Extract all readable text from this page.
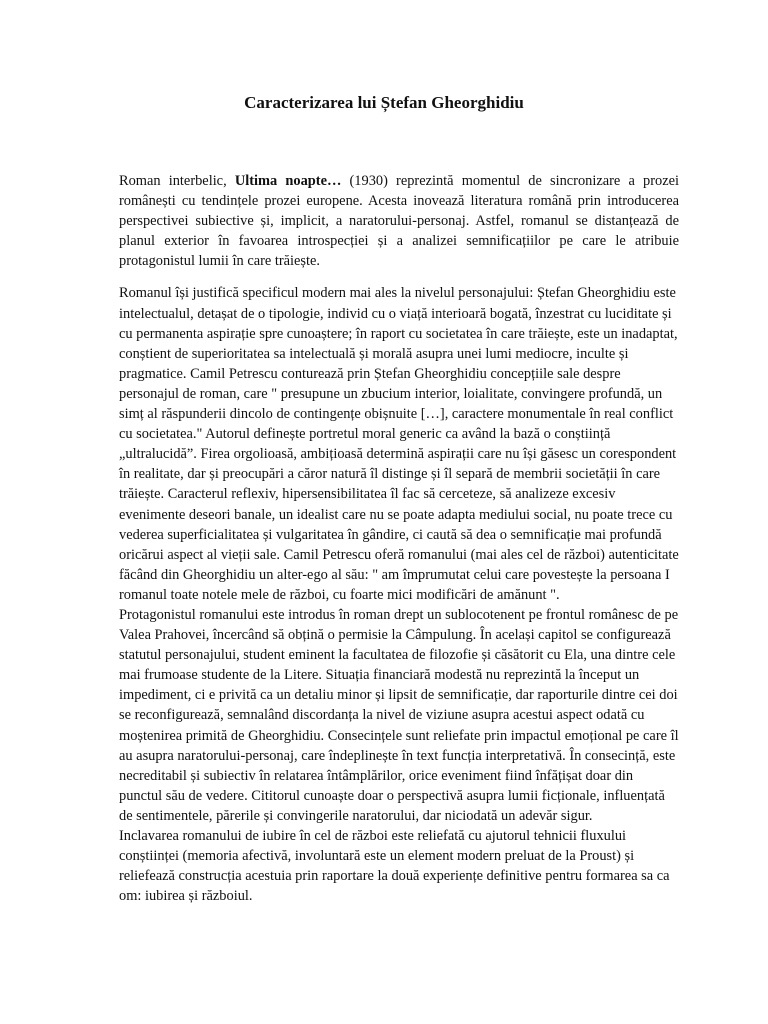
Caracterizarea lui Ștefan Gheorghidiu

Roman interbelic, Ultima noapte… (1930) reprezintă momentul de sincronizare a prozei românești cu tendințele prozei europene. Acesta inovează literatura română prin introducerea perspectivei subiective și, implicit, a naratorului-personaj. Astfel, romanul se distanțează de planul exterior în favoarea introspecției și a analizei semnificațiilor pe care le atribuie protagonistul lumii în care trăiește.

Romanul își justifică specificul modern mai ales la nivelul personajului: Ștefan Gheorghidiu este intelectualul, detașat de o tipologie, individ cu o viață interioară bogată, înzestrat cu luciditate și cu permanenta aspirație spre cunoaștere; în raport cu societatea în care trăiește, este un inadaptat, conștient de superioritatea sa intelectuală și morală asupra unei lumi mediocre, inculte și pragmatice. Camil Petrescu conturează prin Ștefan Gheorghidiu concepțiile sale despre personajul de roman, care " presupune un zbucium interior, loialitate, convingere profundă, un simț al răspunderii dincolo de contingențe obișnuite […], caractere monumentale în real conflict cu societatea." Autorul definește portretul moral generic ca având la bază o conștiință „ultralucidă”. Firea orgolioasă, ambițioasă determină aspirații care nu își găsesc un corespondent în realitate, dar și preocupări a căror natură îl distinge și îl separă de membrii societății în care trăiește. Caracterul reflexiv, hipersensibilitatea îl fac să cerceteze, să analizeze excesiv evenimente deseori banale, un idealist care nu se poate adapta mediului social, nu poate trece cu vederea superficialitatea și vulgaritatea în gândire, ci caută să dea o semnificație mai profundă oricărui aspect al vieții sale. Camil Petrescu oferă romanului (mai ales cel de război) autenticitate făcând din Gheorghidiu un alter-ego al său: " am împrumutat celui care povestește la persoana I romanul toate notele mele de război, cu foarte mici modificări de amănunt ".

Protagonistul romanului este introdus în roman drept un sublocotenent pe frontul românesc de pe Valea Prahovei, încercând să obțină o permisie la Câmpulung. În același capitol se configurează statutul personajului, student eminent la facultatea de filozofie și căsătorit cu Ela, una dintre cele mai frumoase studente de la Litere. Situația financiară modestă nu reprezintă la început un impediment, ci e privită ca un detaliu minor și lipsit de semnificație, dar raporturile dintre cei doi se reconfigurează, semnalând discordanța la nivel de viziune asupra acestui aspect odată cu moștenirea primită de Gheorghidiu. Consecințele sunt reliefate prin impactul emoțional pe care îl au asupra naratorului-personaj, care îndeplinește în text funcția interpretativă. În consecință, este necreditabil și subiectiv în relatarea întâmplărilor, orice eveniment fiind înfățișat doar din punctul său de vedere. Cititorul cunoaște doar o perspectivă asupra lumii ficționale, influențată de sentimentele, părerile și convingerile naratorului, dar niciodată un adevăr sigur.

Inclavarea romanului de iubire în cel de război este reliefată cu ajutorul tehnicii fluxului conștiinței (memoria afectivă, involuntară este un element modern preluat de la Proust) și reliefează construcția acestuia prin raportare la două experiențe definitive pentru formarea sa ca om: iubirea și războiul.
